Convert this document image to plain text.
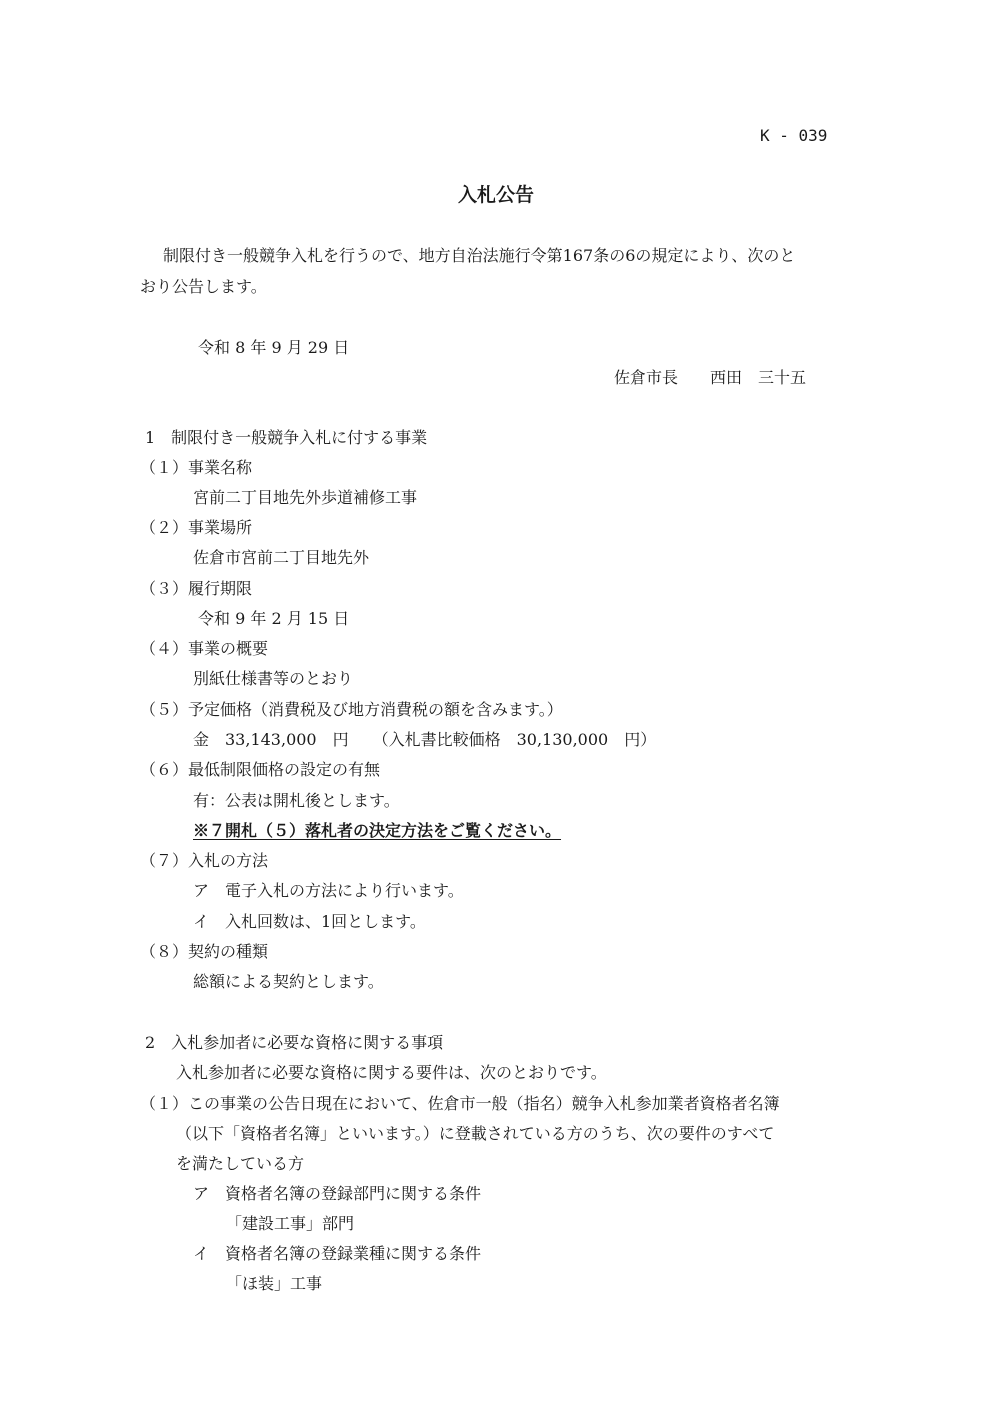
K - 039
入札公告
制限付き一般競争入札を行うので、地方自治法施行令第167条の6の規定により、次のと
おり公告します。
令和 8 年 9 月 29 日
佐倉市長　　西田　三十五
1　制限付き一般競争入札に付する事業
（１）事業名称
宮前二丁目地先外歩道補修工事
（２）事業場所
佐倉市宮前二丁目地先外
（３）履行期限
令和 9 年 2 月 15 日
（４）事業の概要
別紙仕様書等のとおり
（５）予定価格（消費税及び地方消費税の額を含みます。）
金　33,143,000　円　　（入札書比較価格　30,130,000　円）
（６）最低制限価格の設定の有無
有：公表は開札後とします。
※７開札（５）落札者の決定方法をご覧ください。
（７）入札の方法
ア　電子入札の方法により行います。
イ　入札回数は、1回とします。
（８）契約の種類
総額による契約とします。
2　入札参加者に必要な資格に関する事項
入札参加者に必要な資格に関する要件は、次のとおりです。
（１）この事業の公告日現在において、佐倉市一般（指名）競争入札参加業者資格者名簿
（以下「資格者名簿」といいます。）に登載されている方のうち、次の要件のすべて
を満たしている方
ア　資格者名簿の登録部門に関する条件
「建設工事」部門
イ　資格者名簿の登録業種に関する条件
「ほ装」工事
